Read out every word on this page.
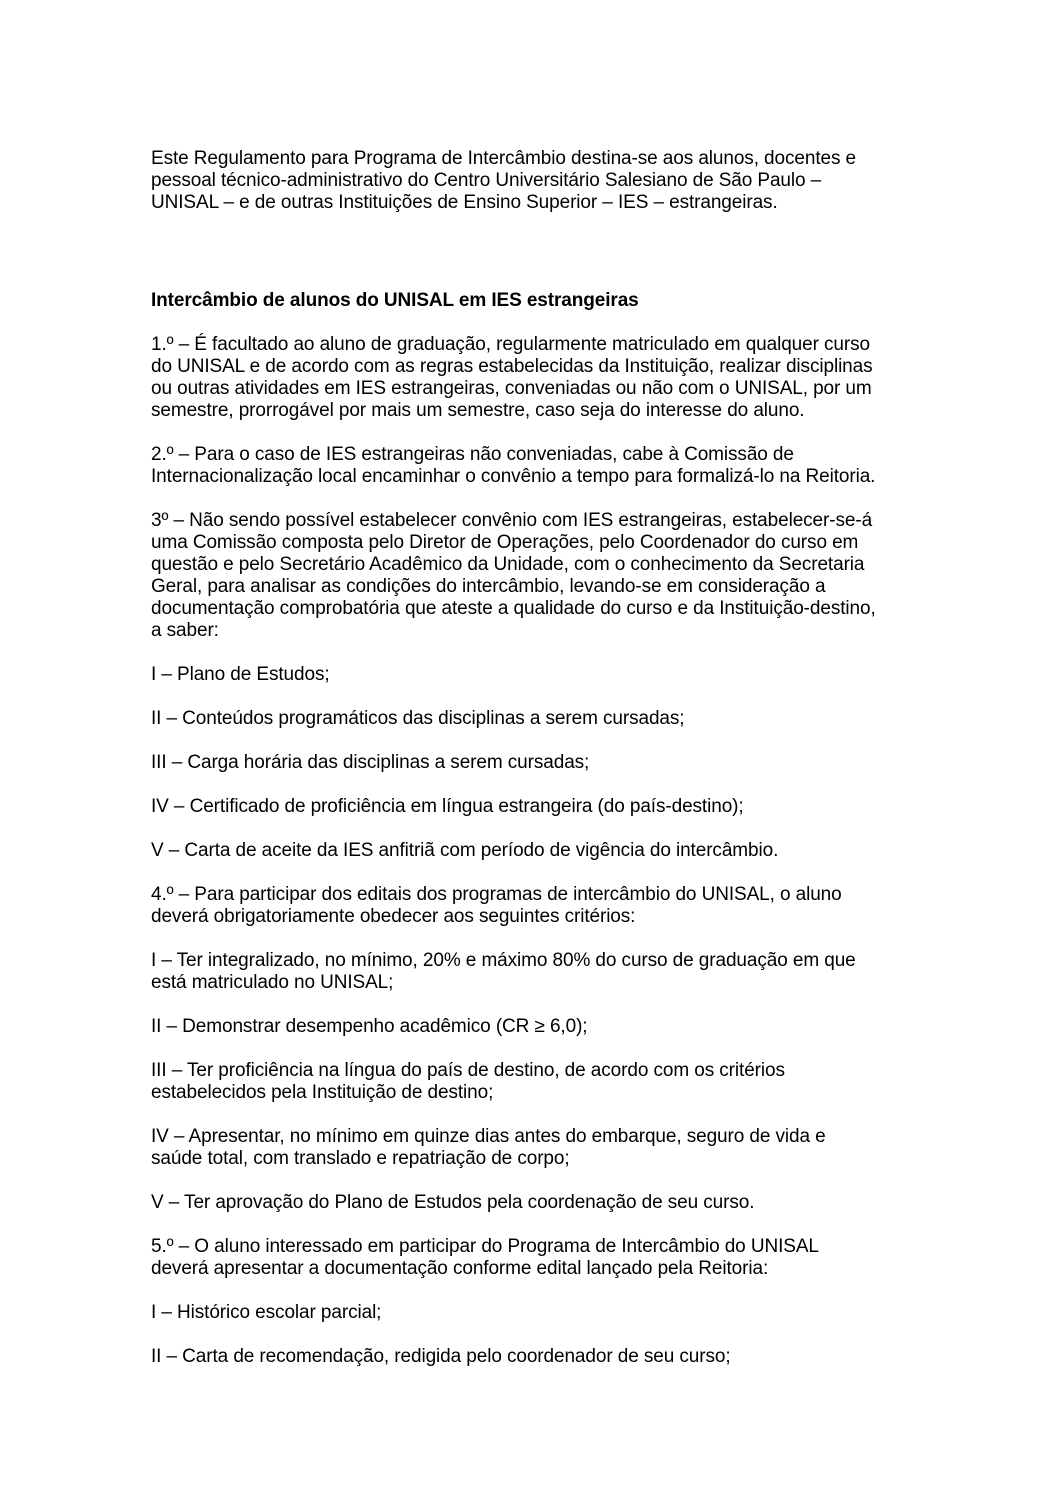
Este Regulamento para Programa de Intercâmbio destina-se aos alunos, docentes e
pessoal técnico-administrativo do Centro Universitário Salesiano de São Paulo –
UNISAL – e de outras Instituições de Ensino Superior – IES – estrangeiras.

Intercâmbio de alunos do UNISAL em IES estrangeiras

1.º – É facultado ao aluno de graduação, regularmente matriculado em qualquer curso
do UNISAL e de acordo com as regras estabelecidas da Instituição, realizar disciplinas
ou outras atividades em IES estrangeiras, conveniadas ou não com o UNISAL, por um
semestre, prorrogável por mais um semestre, caso seja do interesse do aluno.

2.º – Para o caso de IES estrangeiras não conveniadas, cabe à Comissão de
Internacionalização local encaminhar o convênio a tempo para formalizá-lo na Reitoria.

3º – Não sendo possível estabelecer convênio com IES estrangeiras, estabelecer-se-á
uma Comissão composta pelo Diretor de Operações, pelo Coordenador do curso em
questão e pelo Secretário Acadêmico da Unidade, com o conhecimento da Secretaria
Geral, para analisar as condições do intercâmbio, levando-se em consideração a
documentação comprobatória que ateste a qualidade do curso e da Instituição-destino,
a saber:

I – Plano de Estudos;

II – Conteúdos programáticos das disciplinas a serem cursadas;

III – Carga horária das disciplinas a serem cursadas;

IV – Certificado de proficiência em língua estrangeira (do país-destino);

V – Carta de aceite da IES anfitriã com período de vigência do intercâmbio.

4.º – Para participar dos editais dos programas de intercâmbio do UNISAL, o aluno
deverá obrigatoriamente obedecer aos seguintes critérios:

I – Ter integralizado, no mínimo, 20% e máximo 80% do curso de graduação em que
está matriculado no UNISAL;

II – Demonstrar desempenho acadêmico (CR ≥ 6,0);

III – Ter proficiência na língua do país de destino, de acordo com os critérios
estabelecidos pela Instituição de destino;

IV – Apresentar, no mínimo em quinze dias antes do embarque, seguro de vida e
saúde total, com translado e repatriação de corpo;

V – Ter aprovação do Plano de Estudos pela coordenação de seu curso.

5.º – O aluno interessado em participar do Programa de Intercâmbio do UNISAL
deverá apresentar a documentação conforme edital lançado pela Reitoria:

I – Histórico escolar parcial;

II – Carta de recomendação, redigida pelo coordenador de seu curso;
